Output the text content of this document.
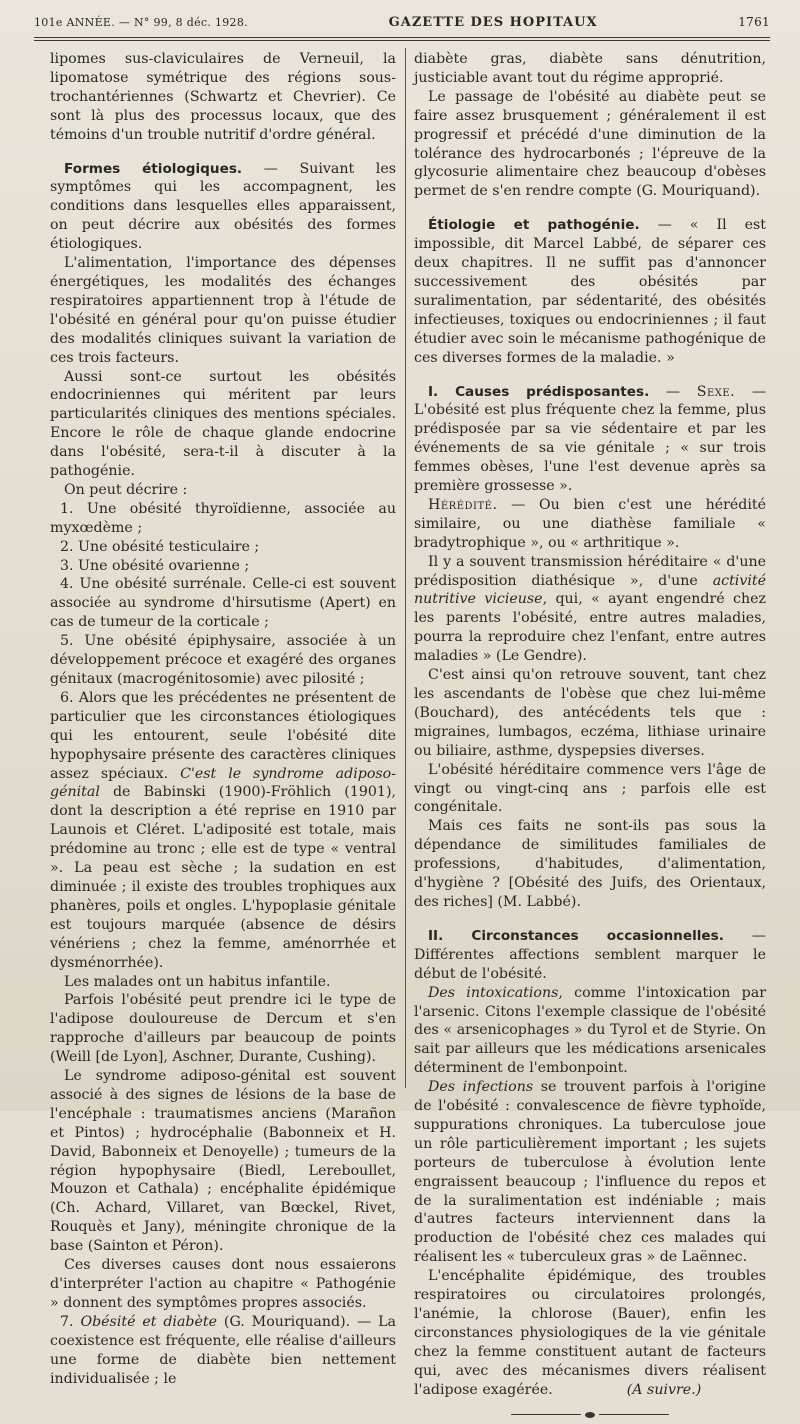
101e ANNÉE. — N° 99, 8 déc. 1928.	GAZETTE DES HOPITAUX	1761

lipomes sus-claviculaires de Verneuil, la lipomatose symétrique des régions sous-trochantériennes (Schwartz et Chevrier). Ce sont là plus des processus locaux, que des témoins d'un trouble nutritif d'ordre général.

Formes étiologiques. — Suivant les symptômes qui les accompagnent, les conditions dans lesquelles elles apparaissent, on peut décrire aux obésités des formes étiologiques.

L'alimentation, l'importance des dépenses énergétiques, les modalités des échanges respiratoires appartiennent trop à l'étude de l'obésité en général pour qu'on puisse étudier des modalités cliniques suivant la variation de ces trois facteurs.

Aussi sont-ce surtout les obésités endocriniennes qui méritent par leurs particularités cliniques des mentions spéciales. Encore le rôle de chaque glande endocrine dans l'obésité, sera-t-il à discuter à la pathogénie.

On peut décrire :

1. Une obésité thyroïdienne, associée au myxœdème ;

2. Une obésité testiculaire ;

3. Une obésité ovarienne ;

4. Une obésité surrénale. Celle-ci est souvent associée au syndrome d'hirsutisme (Apert) en cas de tumeur de la corticale ;

5. Une obésité épiphysaire, associée à un développement précoce et exagéré des organes génitaux (macrogénitosomie) avec pilosité ;

6. Alors que les précédentes ne présentent de particulier que les circonstances étiologiques qui les entourent, seule l'obésité dite hypophysaire présente des caractères cliniques assez spéciaux. C'est le syndrome adiposo-génital de Babinski (1900)-Fröhlich (1901), dont la description a été reprise en 1910 par Launois et Cléret. L'adiposité est totale, mais prédomine au tronc ; elle est de type « ventral ». La peau est sèche ; la sudation en est diminuée ; il existe des troubles trophiques aux phanères, poils et ongles. L'hypoplasie génitale est toujours marquée (absence de désirs vénériens ; chez la femme, aménorrhée et dysménorrhée).

Les malades ont un habitus infantile.

Parfois l'obésité peut prendre ici le type de l'adipose douloureuse de Dercum et s'en rapproche d'ailleurs par beaucoup de points (Weill [de Lyon], Aschner, Durante, Cushing).

Le syndrome adiposo-génital est souvent associé à des signes de lésions de la base de l'encéphale : traumatismes anciens (Marañon et Pintos) ; hydrocéphalie (Babonneix et H. David, Babonneix et Denoyelle) ; tumeurs de la région hypophysaire (Biedl, Lereboullet, Mouzon et Cathala) ; encéphalite épidémique (Ch. Achard, Villaret, van Bœckel, Rivet, Rouquès et Jany), méningite chronique de la base (Sainton et Péron).

Ces diverses causes dont nous essaierons d'interpréter l'action au chapitre « Pathogénie » donnent des symptômes propres associés.

7. Obésité et diabète (G. Mouriquand). — La coexistence est fréquente, elle réalise d'ailleurs une forme de diabète bien nettement individualisée ; le

diabète gras, diabète sans dénutrition, justiciable avant tout du régime approprié.

Le passage de l'obésité au diabète peut se faire assez brusquement ; généralement il est progressif et précédé d'une diminution de la tolérance des hydrocarbonés ; l'épreuve de la glycosurie alimentaire chez beaucoup d'obèses permet de s'en rendre compte (G. Mouriquand).

Étiologie et pathogénie. — « Il est impossible, dit Marcel Labbé, de séparer ces deux chapitres. Il ne suffit pas d'annoncer successivement des obésités par suralimentation, par sédentarité, des obésités infectieuses, toxiques ou endocriniennes ; il faut étudier avec soin le mécanisme pathogénique de ces diverses formes de la maladie. »

I. Causes prédisposantes. — Sexe. — L'obésité est plus fréquente chez la femme, plus prédisposée par sa vie sédentaire et par les événements de sa vie génitale ; « sur trois femmes obèses, l'une l'est devenue après sa première grossesse ».

Hérédité. — Ou bien c'est une hérédité similaire, ou une diathèse familiale « bradytrophique », ou « arthritique ».

Il y a souvent transmission héréditaire « d'une prédisposition diathésique », d'une activité nutritive vicieuse, qui, « ayant engendré chez les parents l'obésité, entre autres maladies, pourra la reproduire chez l'enfant, entre autres maladies » (Le Gendre).

C'est ainsi qu'on retrouve souvent, tant chez les ascendants de l'obèse que chez lui-même (Bouchard), des antécédents tels que : migraines, lumbagos, eczéma, lithiase urinaire ou biliaire, asthme, dyspepsies diverses.

L'obésité héréditaire commence vers l'âge de vingt ou vingt-cinq ans ; parfois elle est congénitale.

Mais ces faits ne sont-ils pas sous la dépendance de similitudes familiales de professions, d'habitudes, d'alimentation, d'hygiène ? [Obésité des Juifs, des Orientaux, des riches] (M. Labbé).

II. Circonstances occasionnelles. — Différentes affections semblent marquer le début de l'obésité.

Des intoxications, comme l'intoxication par l'arsenic. Citons l'exemple classique de l'obésité des « arsenicophages » du Tyrol et de Styrie. On sait par ailleurs que les médications arsenicales déterminent de l'embonpoint.

Des infections se trouvent parfois à l'origine de l'obésité : convalescence de fièvre typhoïde, suppurations chroniques. La tuberculose joue un rôle particulièrement important ; les sujets porteurs de tuberculose à évolution lente engraissent beaucoup ; l'influence du repos et de la suralimentation est indéniable ; mais d'autres facteurs interviennent dans la production de l'obésité chez ces malades qui réalisent les « tuberculeux gras » de Laënnec.

L'encéphalite épidémique, des troubles respiratoires ou circulatoires prolongés, l'anémie, la chlorose (Bauer), enfin les circonstances physiologiques de la vie génitale chez la femme constituent autant de facteurs qui, avec des mécanismes divers réalisent l'adipose exagérée.	(A suivre.)
